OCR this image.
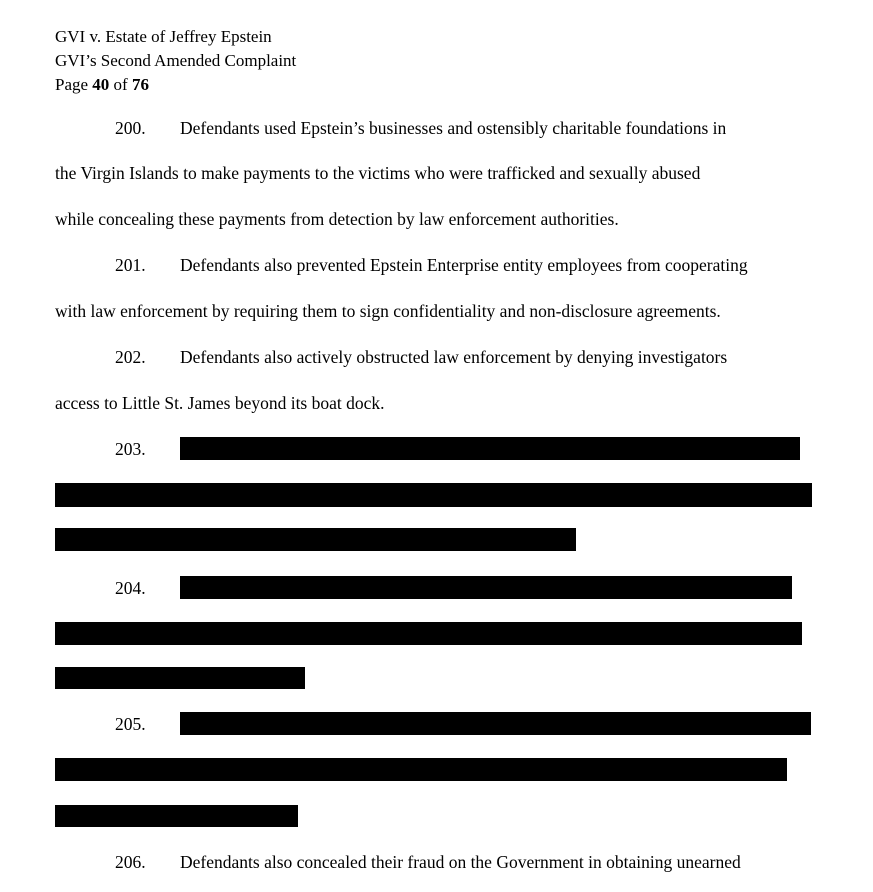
GVI v. Estate of Jeffrey Epstein
GVI’s Second Amended Complaint
Page 40 of 76
200. Defendants used Epstein’s businesses and ostensibly charitable foundations in
the Virgin Islands to make payments to the victims who were trafficked and sexually abused
while concealing these payments from detection by law enforcement authorities.
201. Defendants also prevented Epstein Enterprise entity employees from cooperating
with law enforcement by requiring them to sign confidentiality and non-disclosure agreements.
202. Defendants also actively obstructed law enforcement by denying investigators
access to Little St. James beyond its boat dock.
203.
204.
205.
206. Defendants also concealed their fraud on the Government in obtaining unearned
